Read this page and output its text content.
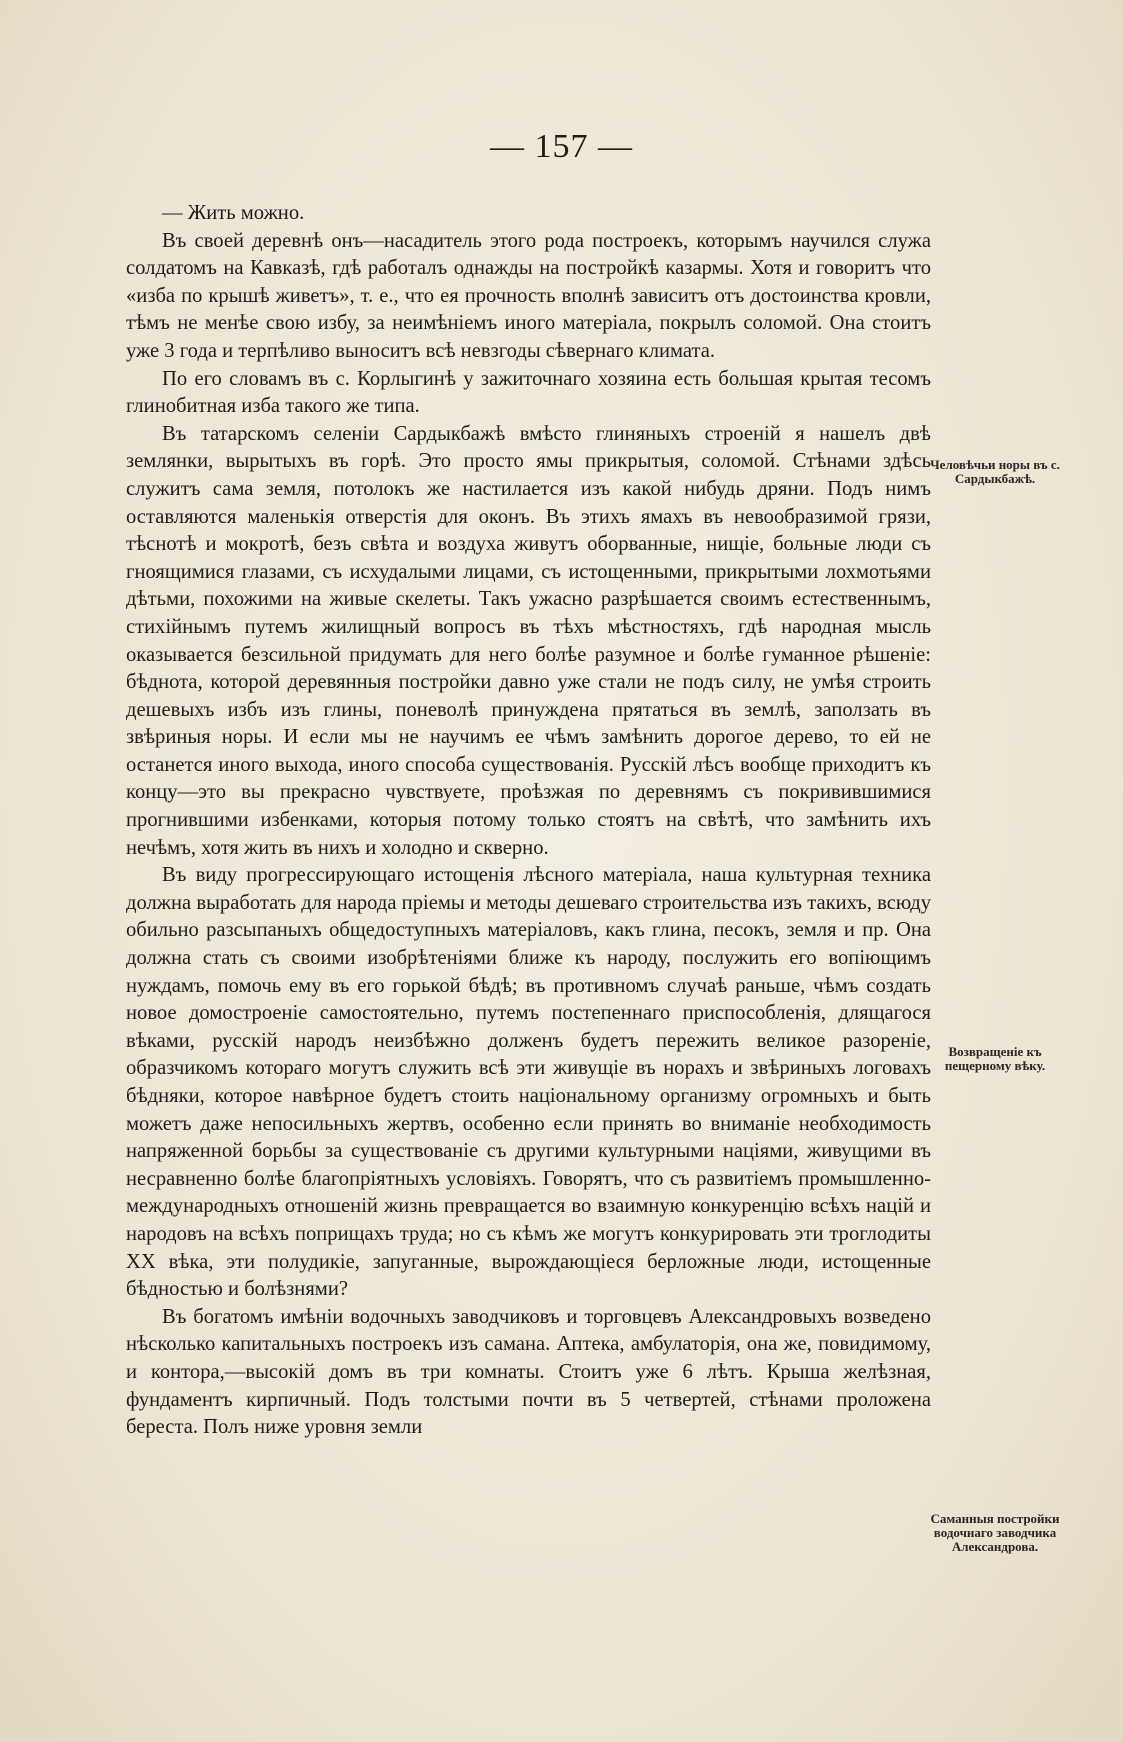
— 157 —

— Жить можно.

Въ своей деревнѣ онъ—насадитель этого рода построекъ, которымъ научился служа солдатомъ на Кавказѣ, гдѣ работалъ однажды на постройкѣ казармы. Хотя и говоритъ что «изба по крышѣ живетъ», т. е., что ея прочность вполнѣ зависитъ отъ достоинства кровли, тѣмъ не менѣе свою избу, за неимѣніемъ иного матеріала, покрылъ соломой. Она стоитъ уже 3 года и терпѣливо выноситъ всѣ невзгоды сѣвернаго климата.

По его словамъ въ с. Корлыгинѣ у зажиточнаго хозяина есть большая крытая тесомъ глинобитная изба такого же типа.

Въ татарскомъ селеніи Сардыкбажѣ вмѣсто глиняныхъ строеній я нашелъ двѣ землянки, вырытыхъ въ горѣ. Это просто ямы прикрытыя, соломой. Стѣнами здѣсь служитъ сама земля, потолокъ же настилается изъ какой нибудь дряни. Подъ нимъ оставляются маленькія отверстія для оконъ. Въ этихъ ямахъ въ невообразимой грязи, тѣснотѣ и мокротѣ, безъ свѣта и воздуха живутъ оборванные, нищіе, больные люди съ гноящимися глазами, съ исхудалыми лицами, съ истощенными, прикрытыми лохмотьями дѣтьми, похожими на живые скелеты. Такъ ужасно разрѣшается своимъ естественнымъ, стихійнымъ путемъ жилищный вопросъ въ тѣхъ мѣстностяхъ, гдѣ народная мысль оказывается безсильной придумать для него болѣе разумное и болѣе гуманное рѣшеніе: бѣднота, которой деревянныя постройки давно уже стали не подъ силу, не умѣя строить дешевыхъ избъ изъ глины, поневолѣ принуждена прятаться въ землѣ, заползать въ звѣриныя норы. И если мы не научимъ ее чѣмъ замѣнить дорогое дерево, то ей не останется иного выхода, иного способа существованія. Русскій лѣсъ вообще приходитъ къ концу—это вы прекрасно чувствуете, проѣзжая по деревнямъ съ покривившимися прогнившими избенками, которыя потому только стоятъ на свѣтѣ, что замѣнить ихъ нечѣмъ, хотя жить въ нихъ и холодно и скверно.

Въ виду прогрессирующаго истощенія лѣсного матеріала, наша культурная техника должна выработать для народа пріемы и методы дешеваго строительства изъ такихъ, всюду обильно разсыпаныхъ общедоступныхъ матеріаловъ, какъ глина, песокъ, земля и пр. Она должна стать съ своими изобрѣтеніями ближе къ народу, послужить его вопіющимъ нуждамъ, помочь ему въ его горькой бѣдѣ; въ противномъ случаѣ раньше, чѣмъ создать новое домостроеніе самостоятельно, путемъ постепеннаго приспособленія, длящагося вѣками, русскій народъ неизбѣжно долженъ будетъ пережить великое разореніе, образчикомъ котораго могутъ служить всѣ эти живущіе въ норахъ и звѣриныхъ логовахъ бѣдняки, которое навѣрное будетъ стоить національному организму огромныхъ и быть можетъ даже непосильныхъ жертвъ, особенно если принять во вниманіе необходимость напряженной борьбы за существованіе съ другими культурными націями, живущими въ несравненно болѣе благопріятныхъ условіяхъ. Говорятъ, что съ развитіемъ промышленно-международныхъ отношеній жизнь превращается во взаимную конкуренцію всѣхъ націй и народовъ на всѣхъ поприщахъ труда; но съ кѣмъ же могутъ конкурировать эти троглодиты XX вѣка, эти полудикіе, запуганные, вырождающіеся берложные люди, истощенные бѣдностью и болѣзнями?

Въ богатомъ имѣніи водочныхъ заводчиковъ и торговцевъ Александровыхъ возведено нѣсколько капитальныхъ построекъ изъ самана. Аптека, амбулаторія, она же, повидимому, и контора,—высокій домъ въ три комнаты. Стоитъ уже 6 лѣтъ. Крыша желѣзная, фундаментъ кирпичный. Подъ толстыми почти въ 5 четвертей, стѣнами проложена береста. Полъ ниже уровня земли

Человѣчьи норы въ с. Сардыкбажѣ.
Возвращеніе къ пещерному вѣку.
Саманныя постройки водочнаго заводчика Александрова.
